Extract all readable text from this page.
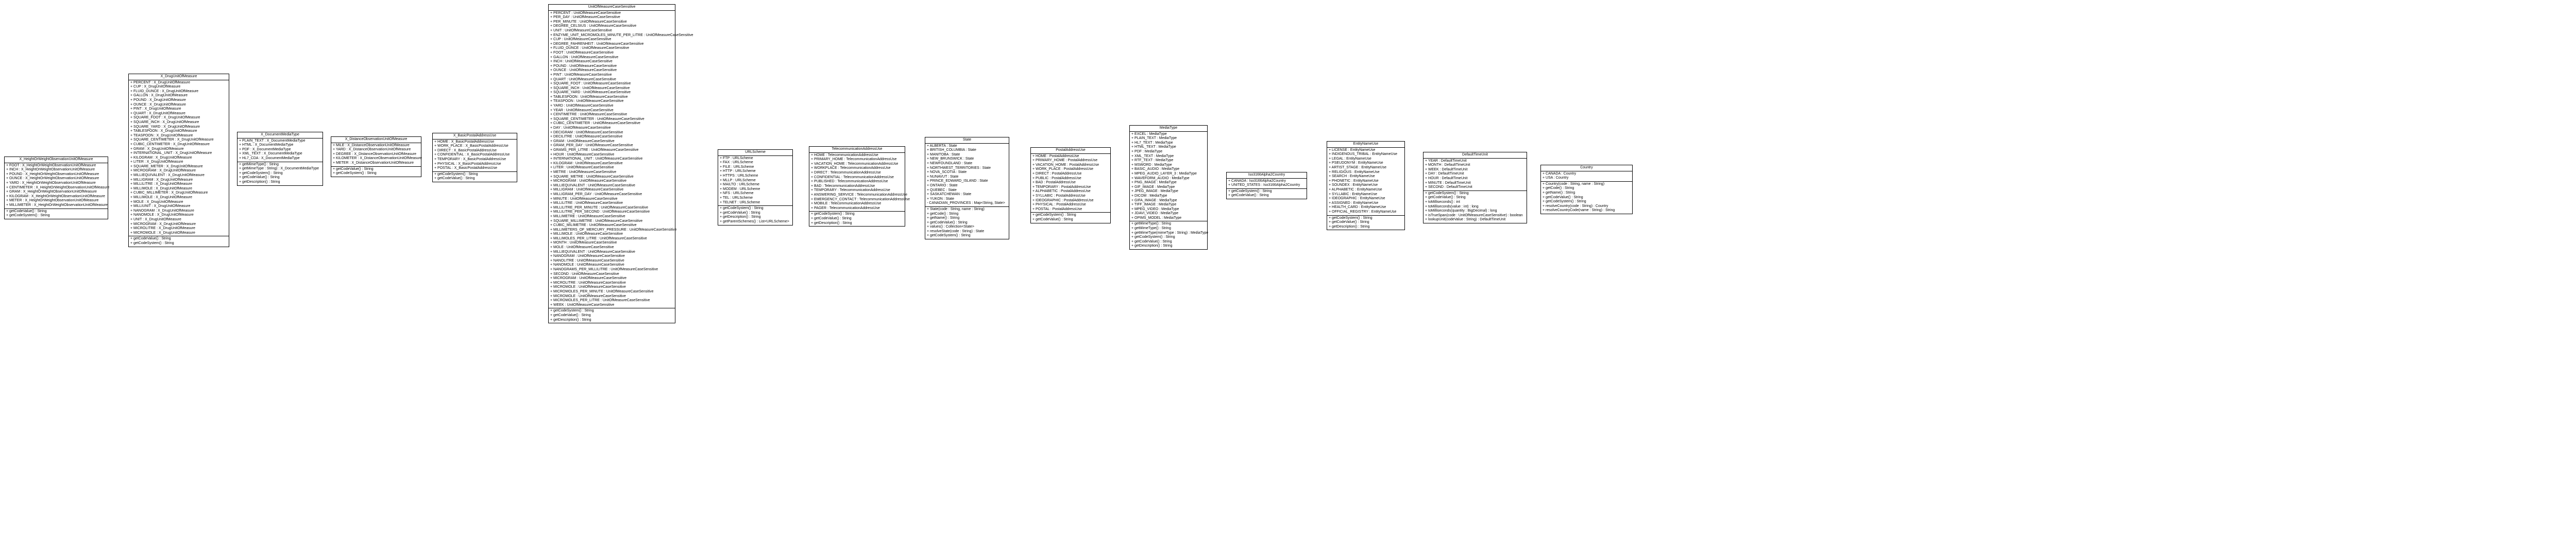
X_HeightOrWeightObservationUnitOfMeasure
+ FOOT : X_HeightOrWeightObservationUnitOfMeasure
+ INCH : X_HeightOrWeightObservationUnitOfMeasure
+ POUND : X_HeightOrWeightObservationUnitOfMeasure
+ OUNCE : X_HeightOrWeightObservationUnitOfMeasure
+ YARD : X_HeightOrWeightObservationUnitOfMeasure
+ CENTIMETER : X_HeightOrWeightObservationUnitOfMeasure
+ GRAM : X_HeightOrWeightObservationUnitOfMeasure
+ KILOGRAM : X_HeightOrWeightObservationUnitOfMeasure
+ METER : X_HeightOrWeightObservationUnitOfMeasure
+ MILLIMETER : X_HeightOrWeightObservationUnitOfMeasure
+ getCodeValue() : String
+ getCodeSystem() : String
X_DrugUnitOfMeasure
+ PERCENT : X_DrugUnitOfMeasure
+ CUP : X_DrugUnitOfMeasure
+ FLUID_OUNCE : X_DrugUnitOfMeasure
+ GALLON : X_DrugUnitOfMeasure
+ POUND : X_DrugUnitOfMeasure
+ OUNCE : X_DrugUnitOfMeasure
+ PINT : X_DrugUnitOfMeasure
+ QUART : X_DrugUnitOfMeasure
+ SQUARE_FOOT : X_DrugUnitOfMeasure
+ SQUARE_INCH : X_DrugUnitOfMeasure
+ SQUARE_YARD : X_DrugUnitOfMeasure
+ TABLESPOON : X_DrugUnitOfMeasure
+ TEASPOON : X_DrugUnitOfMeasure
+ SQUARE_CENTIMETER : X_DrugUnitOfMeasure
+ CUBIC_CENTIMETER : X_DrugUnitOfMeasure
+ GRAM : X_DrugUnitOfMeasure
+ INTERNATIONAL_UNIT : X_DrugUnitOfMeasure
+ KILOGRAM : X_DrugUnitOfMeasure
+ LITER : X_DrugUnitOfMeasure
+ SQUARE_METER : X_DrugUnitOfMeasure
+ MICROGRAM : X_DrugUnitOfMeasure
+ MILLIEQUIVALENT : X_DrugUnitOfMeasure
+ MILLIGRAM : X_DrugUnitOfMeasure
+ MILLILITRE : X_DrugUnitOfMeasure
+ MILLIMOLE : X_DrugUnitOfMeasure
+ CUBIC_MILLIMETER : X_DrugUnitOfMeasure
+ MILLIMOLE : X_DrugUnitOfMeasure
+ MOLE : X_DrugUnitOfMeasure
+ MILLIUNIT : X_DrugUnitOfMeasure
+ NANOGRAM : X_DrugUnitOfMeasure
+ NANOMOLE : X_DrugUnitOfMeasure
+ UNIT : X_DrugUnitOfMeasure
+ MICROGRAM : X_DrugUnitOfMeasure
+ MICROLITRE : X_DrugUnitOfMeasure
+ MICROMOLE : X_DrugUnitOfMeasure
+ getCodeValue() : String
+ getCodeSystem() : String
X_DocumentMediaType
+ PLAIN_TEXT : X_DocumentMediaType
+ HTML : X_DocumentMediaType
+ PDF : X_DocumentMediaType
+ XML_TEXT : X_DocumentMediaType
+ HL7_CDA : X_DocumentMediaType
+ getMimeType() : String
+ getMimeType : String) : X_DocumentMediaType
+ getCodeSystem() : String
+ getCodeValue() : String
+ getDescription() : String
X_DistanceObservationUnitOfMeasure
+ MILE : X_DistanceObservationUnitOfMeasure
+ YARD : X_DistanceObservationUnitOfMeasure
+ DEGREE : X_DistanceObservationUnitOfMeasure
+ KILOMETER : X_DistanceObservationUnitOfMeasure
+ METER : X_DistanceObservationUnitOfMeasure
+ getCodeValue() : String
+ getCodeSystem() : String
X_BasicPostalAddressUse
+ HOME : X_BasicPostalAddressUse
+ WORK_PLACE : X_BasicPostalAddressUse
+ DIRECT : X_BasicPostalAddressUse
+ CONFIDENTIAL : X_BasicPostalAddressUse
+ TEMPORARY : X_BasicPostalAddressUse
+ PHYSICAL : X_BasicPostalAddressUse
+ POSTAL : X_BasicPostalAddressUse
+ getCodeSystem() : String
+ getCodeValue() : String
UnitOfMeasureCaseSensitive
+ PERCENT : UnitOfMeasureCaseSensitive
+ PER_DAY : UnitOfMeasureCaseSensitive
+ PER_MINUTE : UnitOfMeasureCaseSensitive
+ DEGREE_CELSIUS : UnitOfMeasureCaseSensitive
+ UNIT : UnitOfMeasureCaseSensitive
+ ENZYME_UNIT_MICROMOLES_MINUTE_PER_LITRE : UnitOfMeasureCaseSensitive
+ CUP : UnitOfMeasureCaseSensitive
+ DEGREE_FAHRENHEIT : UnitOfMeasureCaseSensitive
+ FLUID_OUNCE : UnitOfMeasureCaseSensitive
+ FOOT : UnitOfMeasureCaseSensitive
+ GALLON : UnitOfMeasureCaseSensitive
+ INCH : UnitOfMeasureCaseSensitive
+ POUND : UnitOfMeasureCaseSensitive
+ OUNCE : UnitOfMeasureCaseSensitive
+ PINT : UnitOfMeasureCaseSensitive
+ QUART : UnitOfMeasureCaseSensitive
+ SQUARE_FOOT : UnitOfMeasureCaseSensitive
+ SQUARE_INCH : UnitOfMeasureCaseSensitive
+ SQUARE_YARD : UnitOfMeasureCaseSensitive
+ TABLESPOON : UnitOfMeasureCaseSensitive
+ TEASPOON : UnitOfMeasureCaseSensitive
+ YARD : UnitOfMeasureCaseSensitive
+ YEAR : UnitOfMeasureCaseSensitive
+ CENTIMETRE : UnitOfMeasureCaseSensitive
+ SQUARE_CENTIMETER : UnitOfMeasureCaseSensitive
+ CUBIC_CENTIMETER : UnitOfMeasureCaseSensitive
+ DAY : UnitOfMeasureCaseSensitive
+ DECIGRAM : UnitOfMeasureCaseSensitive
+ DECILITRE : UnitOfMeasureCaseSensitive
+ GRAM : UnitOfMeasureCaseSensitive
+ GRAM_PER_DAY : UnitOfMeasureCaseSensitive
+ GRAMS_PER_LITRE : UnitOfMeasureCaseSensitive
+ HOUR : UnitOfMeasureCaseSensitive
+ INTERNATIONAL_UNIT : UnitOfMeasureCaseSensitive
+ KILOGRAM : UnitOfMeasureCaseSensitive
+ LITER : UnitOfMeasureCaseSensitive
+ METRE : UnitOfMeasureCaseSensitive
+ SQUARE_METRE : UnitOfMeasureCaseSensitive
+ MICROGRAM : UnitOfMeasureCaseSensitive
+ MILLIEQUIVALENT : UnitOfMeasureCaseSensitive
+ MILLIGRAM : UnitOfMeasureCaseSensitive
+ MILLIGRAM_PER_DAY : UnitOfMeasureCaseSensitive
+ MINUTE : UnitOfMeasureCaseSensitive
+ MILLILITRE : UnitOfMeasureCaseSensitive
+ MILLILITRE_PER_MINUTE : UnitOfMeasureCaseSensitive
+ MILLILITRE_PER_SECOND : UnitOfMeasureCaseSensitive
+ MILLIMETRE : UnitOfMeasureCaseSensitive
+ SQUARE_MILLIMETRE : UnitOfMeasureCaseSensitive
+ CUBIC_MILIMETRE : UnitOfMeasureCaseSensitive
+ MILLIMETERS_OF_MERCURY_PRESSURE : UnitOfMeasureCaseSensitive
+ MILLIMOLE : UnitOfMeasureCaseSensitive
+ MILLIMOLES_PER_LITRE : UnitOfMeasureCaseSensitive
+ MONTH : UnitOfMeasureCaseSensitive
+ MOLE : UnitOfMeasureCaseSensitive
+ MILLIEQUIVALENT : UnitOfMeasureCaseSensitive
+ NANOGRAM : UnitOfMeasureCaseSensitive
+ NANOLITRE : UnitOfMeasureCaseSensitive
+ NANOMOLE : UnitOfMeasureCaseSensitive
+ NANOGRAMS_PER_MILLILITRE : UnitOfMeasureCaseSensitive
+ SECOND : UnitOfMeasureCaseSensitive
+ MICROGRAM : UnitOfMeasureCaseSensitive
+ MICROLITRE : UnitOfMeasureCaseSensitive
+ MICROMOLE : UnitOfMeasureCaseSensitive
+ MICROMOLES_PER_MINUTE : UnitOfMeasureCaseSensitive
+ MICROMOLE : UnitOfMeasureCaseSensitive
+ MICROMOLES_PER_LITRE : UnitOfMeasureCaseSensitive
+ WEEK : UnitOfMeasureCaseSensitive
+ getCodeSystem() : String
+ getCodeValue() : String
+ getDescription() : String
URLScheme
+ FTP : URLScheme
+ FAX : URLScheme
+ FILE : URLScheme
+ HTTP : URLScheme
+ HTTPS : URLScheme
+ MLLP : URLScheme
+ MAILTO : URLScheme
+ MODEM : URLScheme
+ NFS : URLScheme
+ TEL : URLScheme
+ TELNET : URLScheme
+ getCodeSystem() : String
+ getCodeValue() : String
+ getDescription() : String
+ getParentSchemes() : List<URLScheme>
TelecommunicationAddressUse
+ HOME : TelecommunicationAddressUse
+ PRIMARY_HOME : TelecommunicationAddressUse
+ VACATION_HOME : TelecommunicationAddressUse
+ WORKPLACE : TelecommunicationAddressUse
+ DIRECT : TelecommunicationAddressUse
+ CONFIDENTIAL : TelecommunicationAddressUse
+ PUBLISHED : TelecommunicationAddressUse
+ BAD : TelecommunicationAddressUse
+ TEMPORARY : TelecommunicationAddressUse
+ ANSWERING_SERVICE : TelecommunicationAddressUse
+ EMERGENCY_CONTACT : TelecommunicationAddressUse
+ MOBILE : TelecommunicationAddressUse
+ PAGER : TelecommunicationAddressUse
+ getCodeSystem() : String
+ getCodeValue() : String
+ getDescription() : String
State
+ ALBERTA : State
+ BRITISH_COLUMBIA : State
+ MANITOBA : State
+ NEW_BRUNSWICK : State
+ NEWFOUNDLAND : State
+ NORTHWEST_TERRITORIES : State
+ NOVA_SCOTIA : State
+ NUNAVUT : State
+ PRINCE_EDWARD_ISLAND : State
+ ONTARIO : State
+ QUEBEC : State
+ SASKATCHEWAN : State
+ YUKON : State
- CANADIAN_PROVINCES : Map<String, State>
+ State(code : String, name : String)
+ getCode() : String
+ getName() : String
+ getCodeValue() : String
+ values() : Collection<State>
+ resolveState(code : String) : State
+ getCodeSystem() : String
PostalAddressUse
+ HOME : PostalAddressUse
+ PRIMARY_HOME : PostalAddressUse
+ VACATION_HOME : PostalAddressUse
+ WORK_PLACE : PostalAddressUse
+ DIRECT : PostalAddressUse
+ PUBLIC : PostalAddressUse
+ BAD : PostalAddressUse
+ TEMPORARY : PostalAddressUse
+ ALPHABETIC : PostalAddressUse
+ SYLLABIC : PostalAddressUse
+ IDEOGRAPHIC : PostalAddressUse
+ PHYSICAL : PostalAddressUse
+ POSTAL : PostalAddressUse
+ getCodeSystem() : String
+ getCodeValue() : String
MediaType
+ EXCEL : MediaType
+ PLAIN_TEXT : MediaType
+ HL7_TEXT : MediaType
+ HTML_TEXT : MediaType
+ PDF : MediaType
+ XML_TEXT : MediaType
+ RTF_TEXT : MediaType
+ MSWORD : MediaType
+ BASIC_AUDIO : MediaType
+ MPEG_AUDIO_LAYER_3 : MediaType
+ WAVEFORM_AUDIO : MediaType
+ PNG_IMAGE : MediaType
+ GIF_IMAGE : MediaType
+ JPEG_IMAGE : MediaType
+ DICOM : MediaType
+ GIFA_IMAGE : MediaType
+ TIFF_IMAGE : MediaType
+ MPEG_VIDEO : MediaType
+ JDAVI_VIDEO : MediaType
+ OPIMS_MODEL : MediaType
+ getMimeType() : String
+ getMimeType() : String
+ getMimeType(mimeType : String) : MediaType
+ getCodeSystem() : String
+ getCodeValue() : String
+ getDescription() : String
Iso3166Alpha2Country
+ CANADA : Iso3166Alpha2Country
+ UNITED_STATES : Iso3166Alpha2Country
+ getCodeSystem() : String
+ getCodeValue() : String
EntityNameUse
+ LICENSE : EntityNameUse
+ INDIGENOUS_TRIBAL : EntityNameUse
+ LEGAL : EntityNameUse
+ PSEUDONYM : EntityNameUse
+ ARTIST_STAGE : EntityNameUse
+ RELIGIOUS : EntityNameUse
+ SEARCH : EntityNameUse
+ PHONETIC : EntityNameUse
+ SOUNDEX : EntityNameUse
+ ALPHABETIC : EntityNameUse
+ SYLLABIC : EntityNameUse
+ IDEOGRAPHIC : EntityNameUse
+ ASSIGNED : EntityNameUse
+ HEALTH_CARD : EntityNameUse
+ OFFICIAL_REGISTRY : EntityNameUse
+ getCodeSystem() : String
+ getCodeValue() : String
+ getDescription() : String
DefaultTimeUnit
+ YEAR : DefaultTimeUnit
+ MONTH : DefaultTimeUnit
+ WEEK : DefaultTimeUnit
+ DAY : DefaultTimeUnit
+ HOUR : DefaultTimeUnit
+ MINUTE : DefaultTimeUnit
+ SECOND : DefaultTimeUnit
+ getCodeSystem() : String
+ getCodeValue() : String
+ toMilliseconds() : int
+ toMilliseconds(value : int) : long
+ toMilliseconds(quantity : BigDecimal) : long
+ isTrueSpan(code : UnitOfMeasureCaseSensitive) : boolean
+ lookupUnit(codeValue : String) : DefaultTimeUnit
Country
+ CANADA : Country
+ USA : Country
+ Country(code : String, name : String)
+ getCode() : String
+ getName() : String
+ getCodeValue() : String
+ getCodeSystem() : String
+ resolveCountry(code : String) : Country
+ resolveCountryCode(name : String) : String
